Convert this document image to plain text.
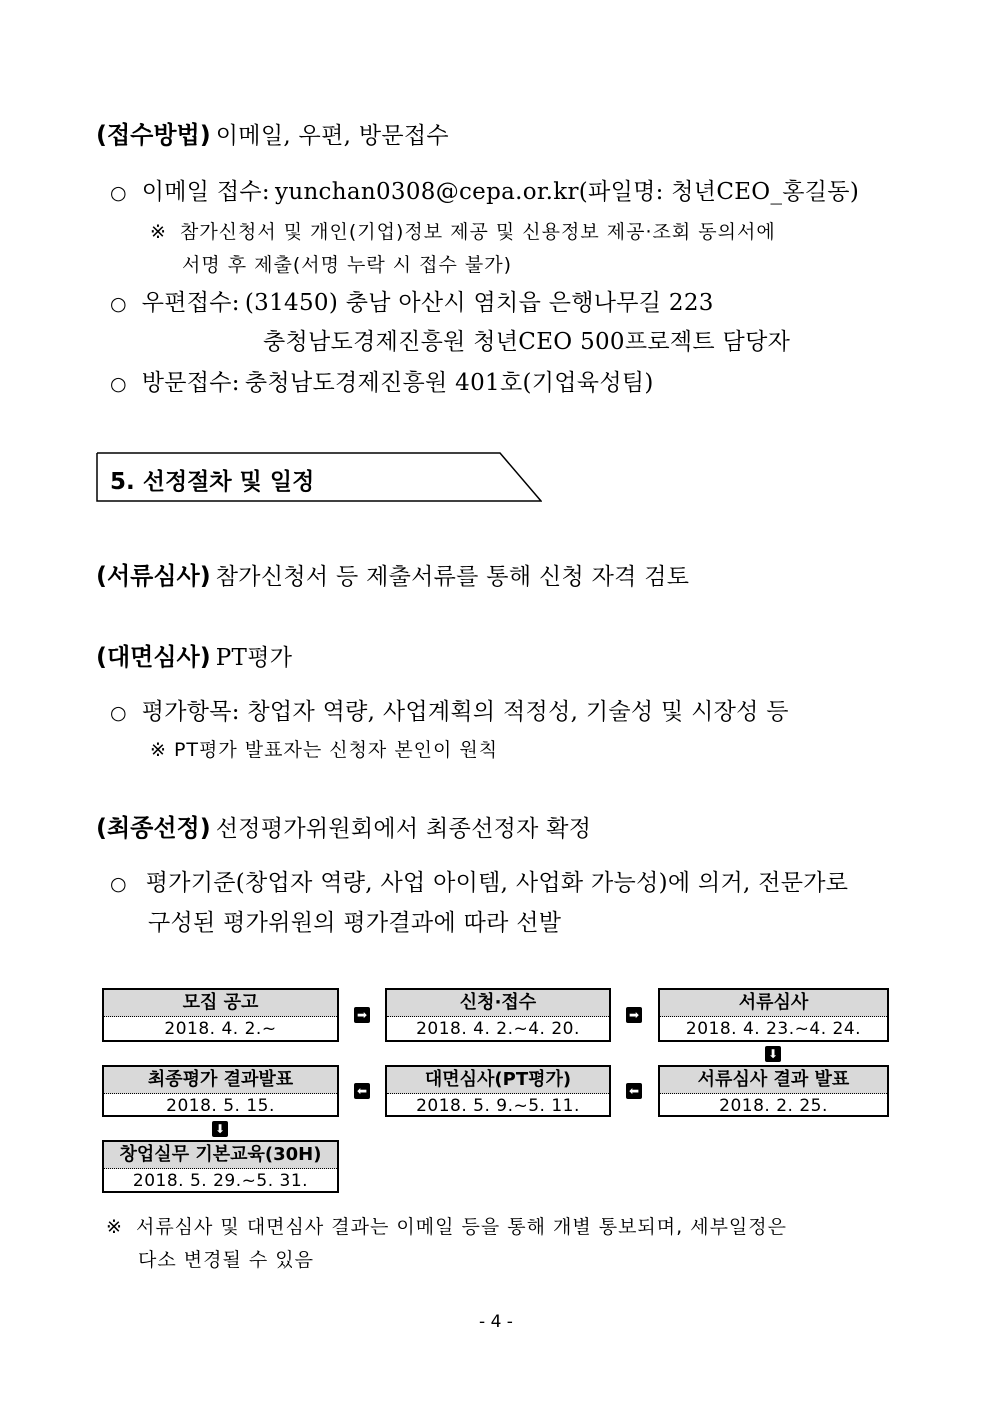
(접수방법) 이메일, 우편, 방문접수
○ 이메일 접수: yunchan0308@cepa.or.kr(파일명: 청년CEO_홍길동)
※ 참가신청서 및 개인(기업)정보 제공 및 신용정보 제공·조회 동의서에
서명 후 제출(서명 누락 시 접수 불가)
○ 우편접수: (31450) 충남 아산시 염치읍 은행나무길 223
충청남도경제진흥원 청년CEO 500프로젝트 담당자
○ 방문접수: 충청남도경제진흥원 401호(기업육성팀)
5. 선정절차 및 일정
(서류심사) 참가신청서 등 제출서류를 통해 신청 자격 검토
(대면심사) PT평가
○ 평가항목: 창업자 역량, 사업계획의 적정성, 기술성 및 시장성 등
※ PT평가 발표자는 신청자 본인이 원칙
(최종선정) 선정평가위원회에서 최종선정자 확정
○ 평가기준(창업자 역량, 사업 아이템, 사업화 가능성)에 의거, 전문가로
구성된 평가위원의 평가결과에 따라 선발
모집 공고
2018. 4. 2.~
➡
신청·접수
2018. 4. 2.~4. 20.
➡
서류심사
2018. 4. 23.~4. 24.
⬇
최종평가 결과발표
2018. 5. 15.
⬅
대면심사(PT평가)
2018. 5. 9.~5. 11.
⬅
서류심사 결과 발표
2018. 2. 25.
⬇
창업실무 기본교육(30H)
2018. 5. 29.~5. 31.
※ 서류심사 및 대면심사 결과는 이메일 등을 통해 개별 통보되며, 세부일정은
다소 변경될 수 있음
- 4 -
